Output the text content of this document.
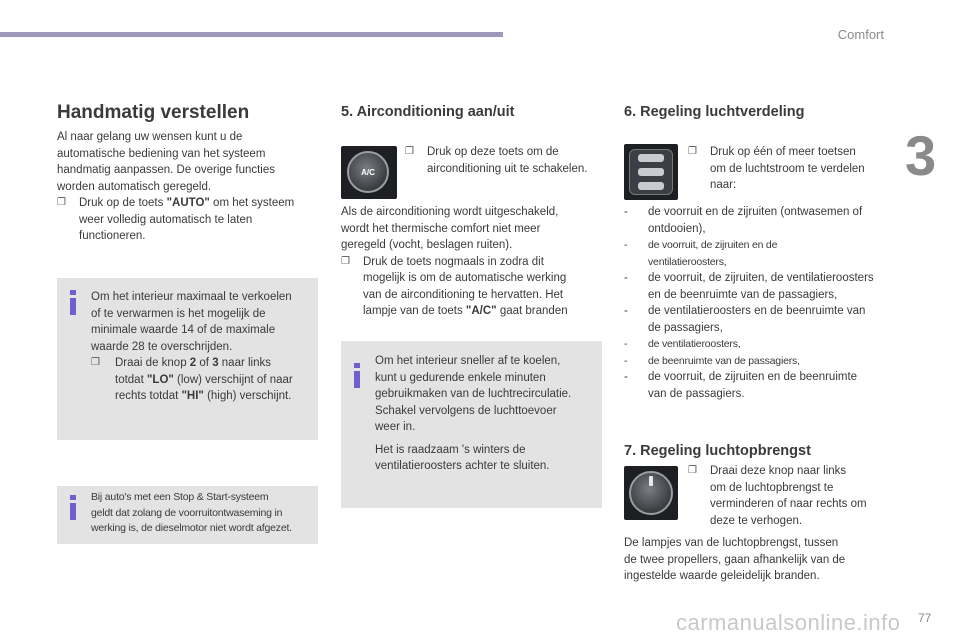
Comfort
3
Handmatig verstellen
Al naar gelang uw wensen kunt u de
automatische bediening van het systeem
handmatig aanpassen. De overige functies
worden automatisch geregeld.
❐	Druk op de toets "AUTO" om het systeem
weer volledig automatisch te laten
functioneren.
Om het interieur maximaal te verkoelen
of te verwarmen is het mogelijk de
minimale waarde 14 of de maximale
waarde 28 te overschrijden.
❐	Draai de knop 2 of 3 naar links
totdat "LO" (low) verschijnt of naar
rechts totdat "HI" (high) verschijnt.
Bij auto's met een Stop & Start-systeem
geldt dat zolang de voorruitontwaseming in
werking is, de dieselmotor niet wordt afgezet.
5. Airconditioning aan/uit
A/C
❐	Druk op deze toets om de
airconditioning uit te schakelen.
Als de airconditioning wordt uitgeschakeld,
wordt het thermische comfort niet meer
geregeld (vocht, beslagen ruiten).
❐	Druk de toets nogmaals in zodra dit
mogelijk is om de automatische werking
van de airconditioning te hervatten. Het
lampje van de toets "A/C" gaat branden
Om het interieur sneller af te koelen,
kunt u gedurende enkele minuten
gebruikmaken van de luchtrecirculatie.
Schakel vervolgens de luchttoevoer
weer in.
Het is raadzaam 's winters de
ventilatieroosters achter te sluiten.
6. Regeling luchtverdeling
❐	Druk op één of meer toetsen
om de luchtstroom te verdelen
naar:
-	de voorruit en de zijruiten (ontwasemen of
ontdooien),
-	de voorruit, de zijruiten en de
ventilatieroosters,
-	de voorruit, de zijruiten, de ventilatieroosters
en de beenruimte van de passagiers,
-	de ventilatieroosters en de beenruimte van
de passagiers,
-	de ventilatieroosters,
-	de beenruimte van de passagiers,
-	de voorruit, de zijruiten en de beenruimte
van de passagiers.
7. Regeling luchtopbrengst
❐	Draai deze knop naar links
om de luchtopbrengst te
verminderen of naar rechts om
deze te verhogen.
De lampjes van de luchtopbrengst, tussen
de twee propellers, gaan afhankelijk van de
ingestelde waarde geleidelijk branden.
carmanualsonline.info 77
